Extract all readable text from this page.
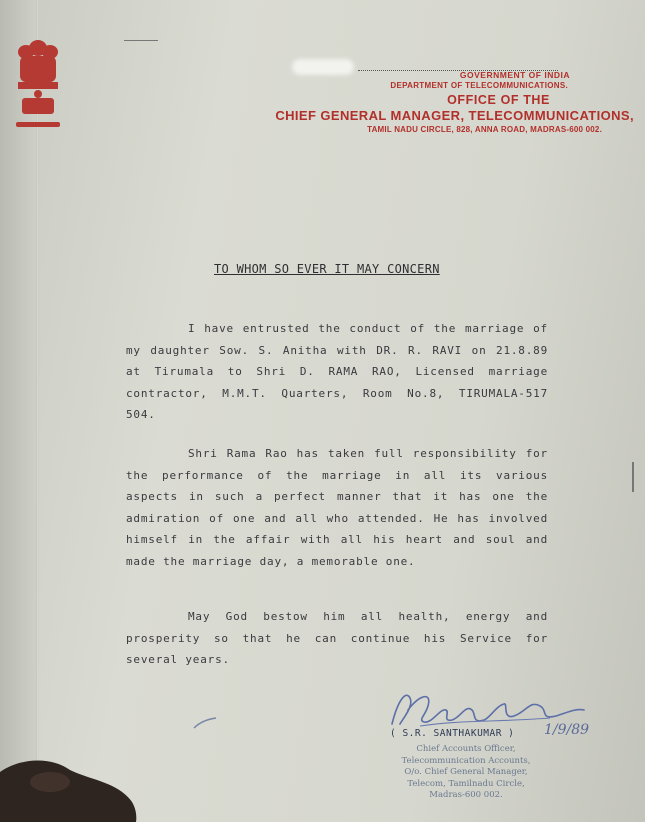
GOVERNMENT OF INDIA
DEPARTMENT OF TELECOMMUNICATIONS.
OFFICE OF THE
CHIEF GENERAL MANAGER, TELECOMMUNICATIONS,
TAMIL NADU CIRCLE, 828, ANNA ROAD, MADRAS-600 002.
TO WHOM SO EVER IT MAY CONCERN
I have entrusted the conduct of the marriage of my daughter Sow. S. Anitha with DR. R. RAVI on 21.8.89 at Tirumala to Shri D. RAMA RAO, Licensed marriage contractor, M.M.T. Quarters, Room No.8, TIRUMALA-517 504.
Shri Rama Rao has taken full responsibility for the performance of the marriage in all its various aspects in such a perfect manner that it has one the admiration of one and all who attended. He has involved himself in the affair with all his heart and soul and made the marriage day, a memorable one.
May God bestow him all health, energy and prosperity so that he can continue his Service for several years.
( S.R. SANTHAKUMAR ) 1/9/89
Chief Accounts Officer,
Telecommunication Accounts,
O/o. Chief General Manager,
Telecom, Tamilnadu Circle,
Madras-600 002.
